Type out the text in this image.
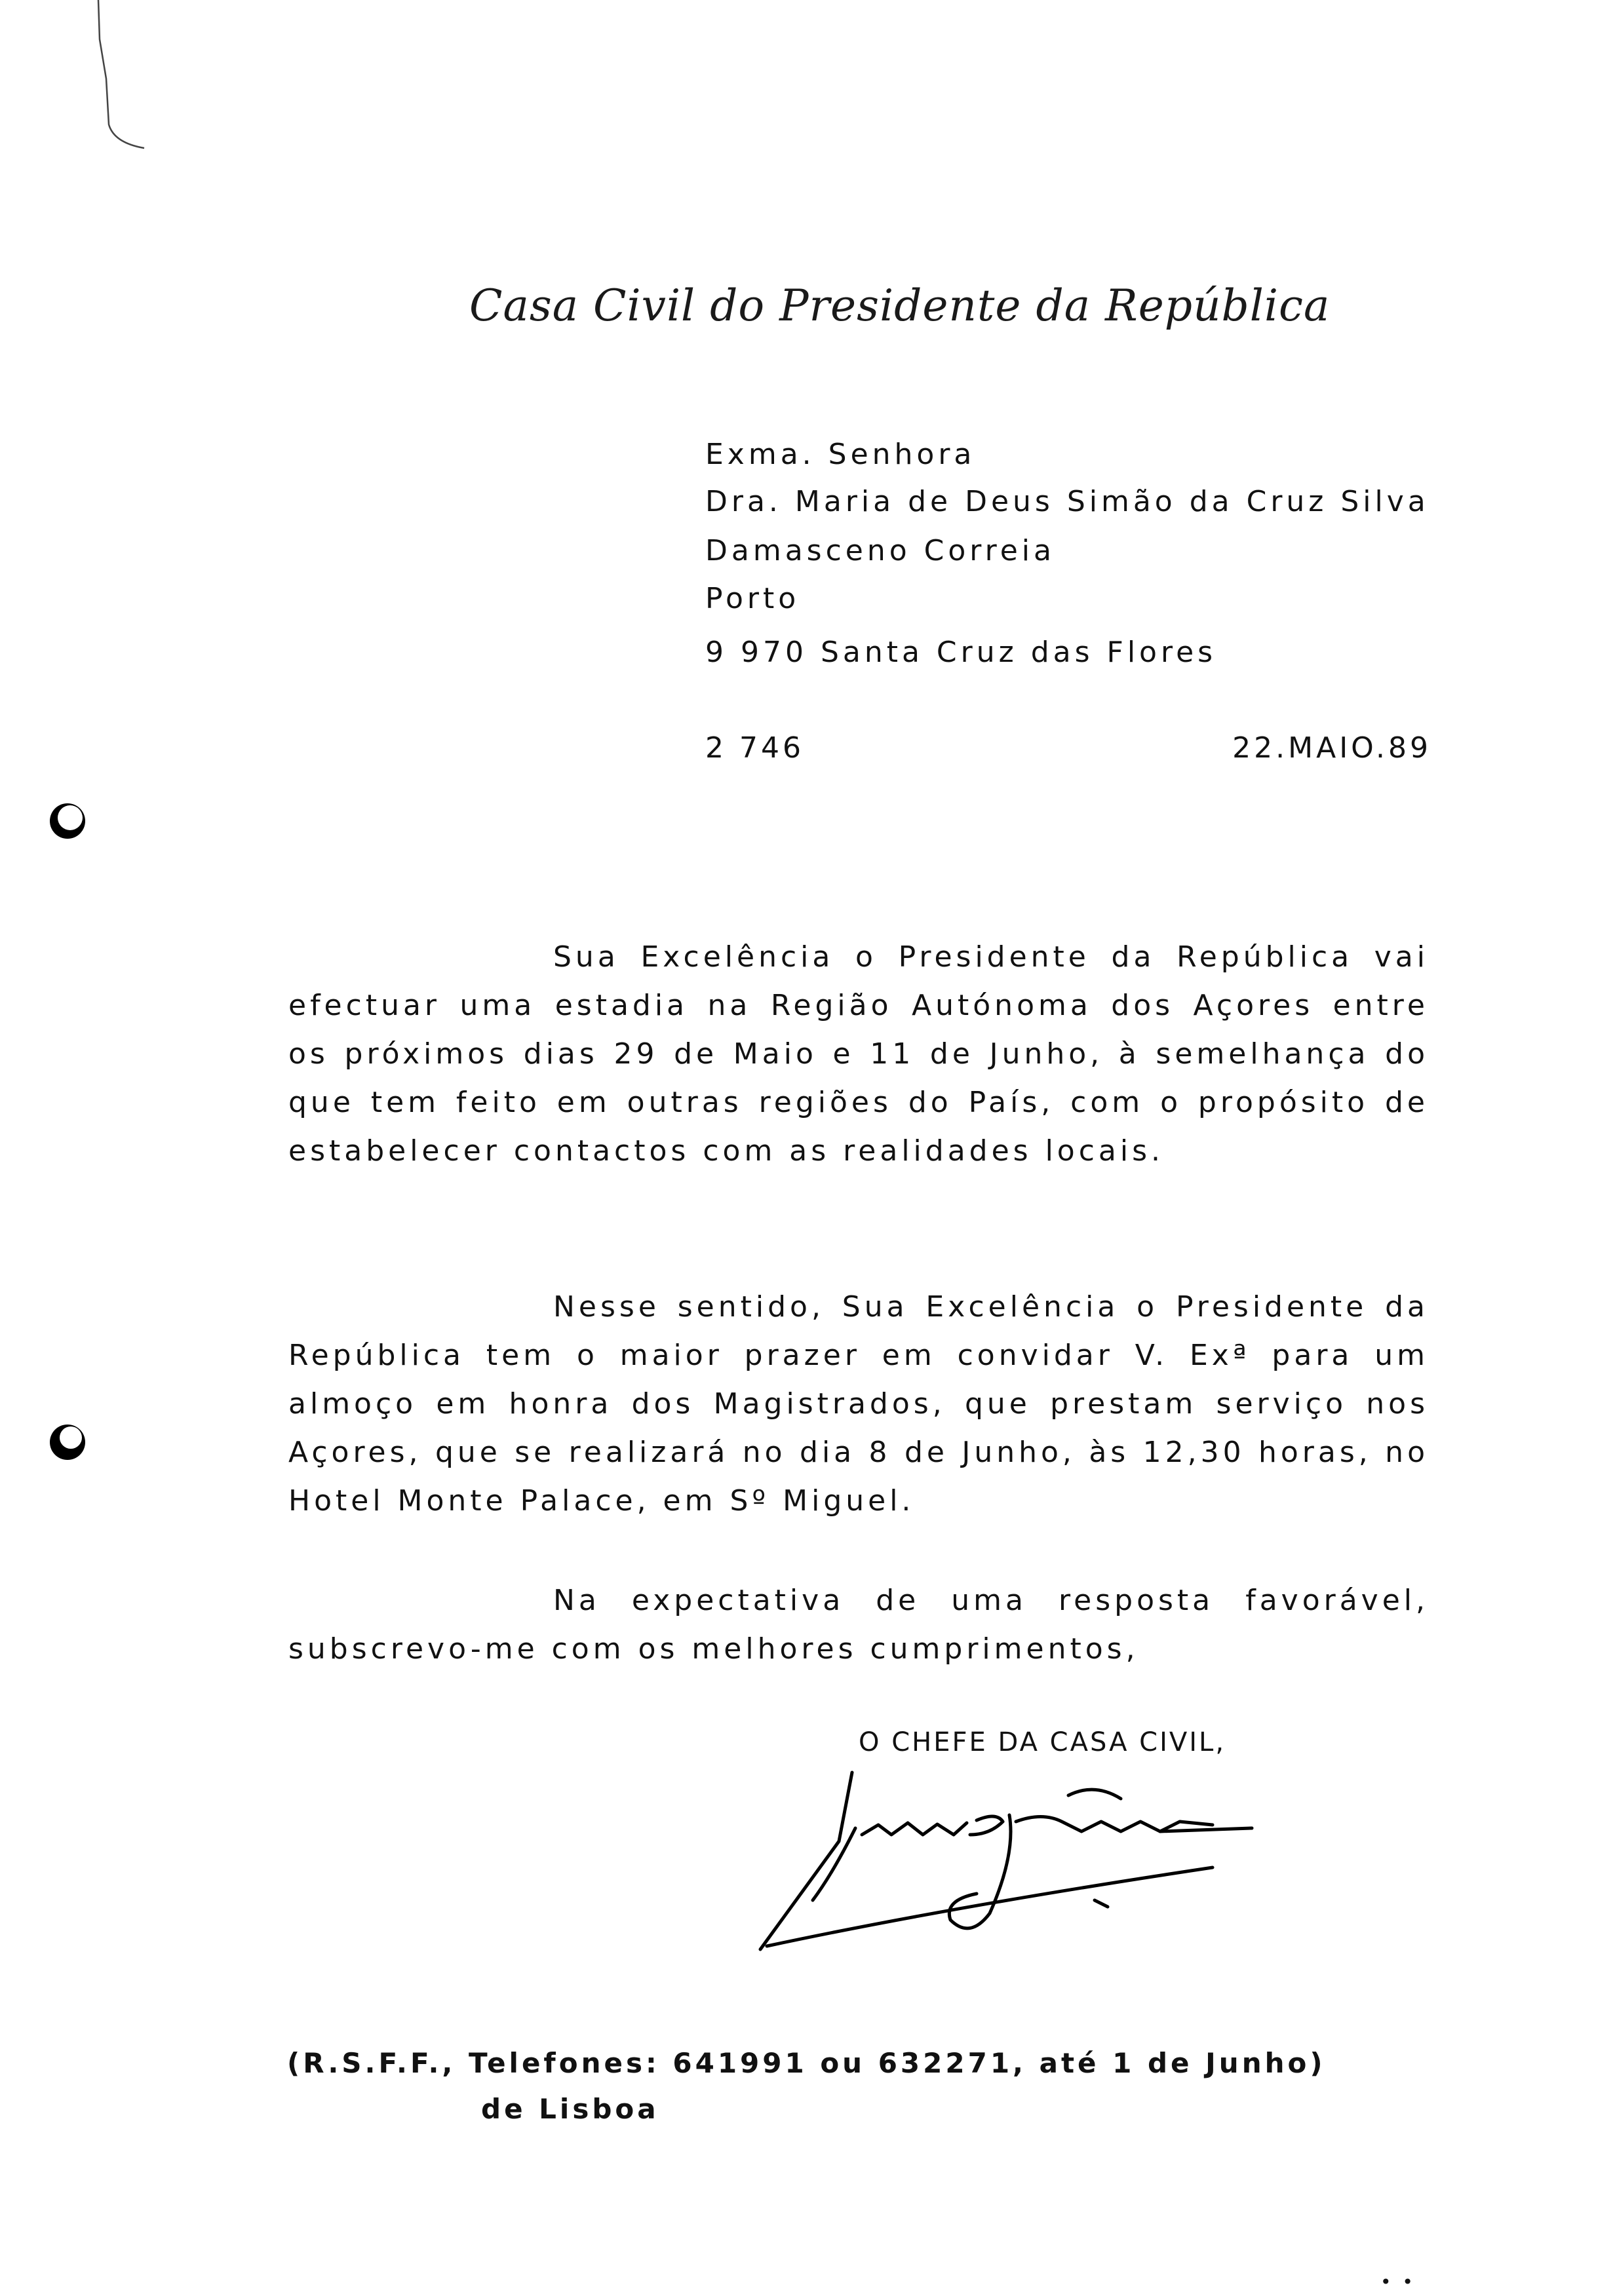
Casa Civil do Presidente da República
Exma. Senhora
Dra. Maria de Deus Simão da Cruz Silva
Damasceno Correia
Porto
9 970 Santa Cruz das Flores
2 746	22.MAIO.89
Sua Excelência o Presidente da República vai efectuar uma estadia na Região Autónoma dos Açores entre os próximos dias 29 de Maio e 11 de Junho, à semelhança do que tem feito em outras regiões do País, com o propósito de estabelecer contactos com as realidades locais.
Nesse sentido, Sua Excelência o Presidente da República tem o maior prazer em convidar V. Exª para um almoço em honra dos Magistrados, que prestam serviço nos Açores, que se realizará no dia 8 de Junho, às 12,30 horas, no Hotel Monte Palace, em Sº Miguel.
Na expectativa de uma resposta favorável, subscrevo-me com os melhores cumprimentos,
O CHEFE DA CASA CIVIL,
(R.S.F.F., Telefones: 641991 ou 632271, até 1 de Junho)
de Lisboa
• •
